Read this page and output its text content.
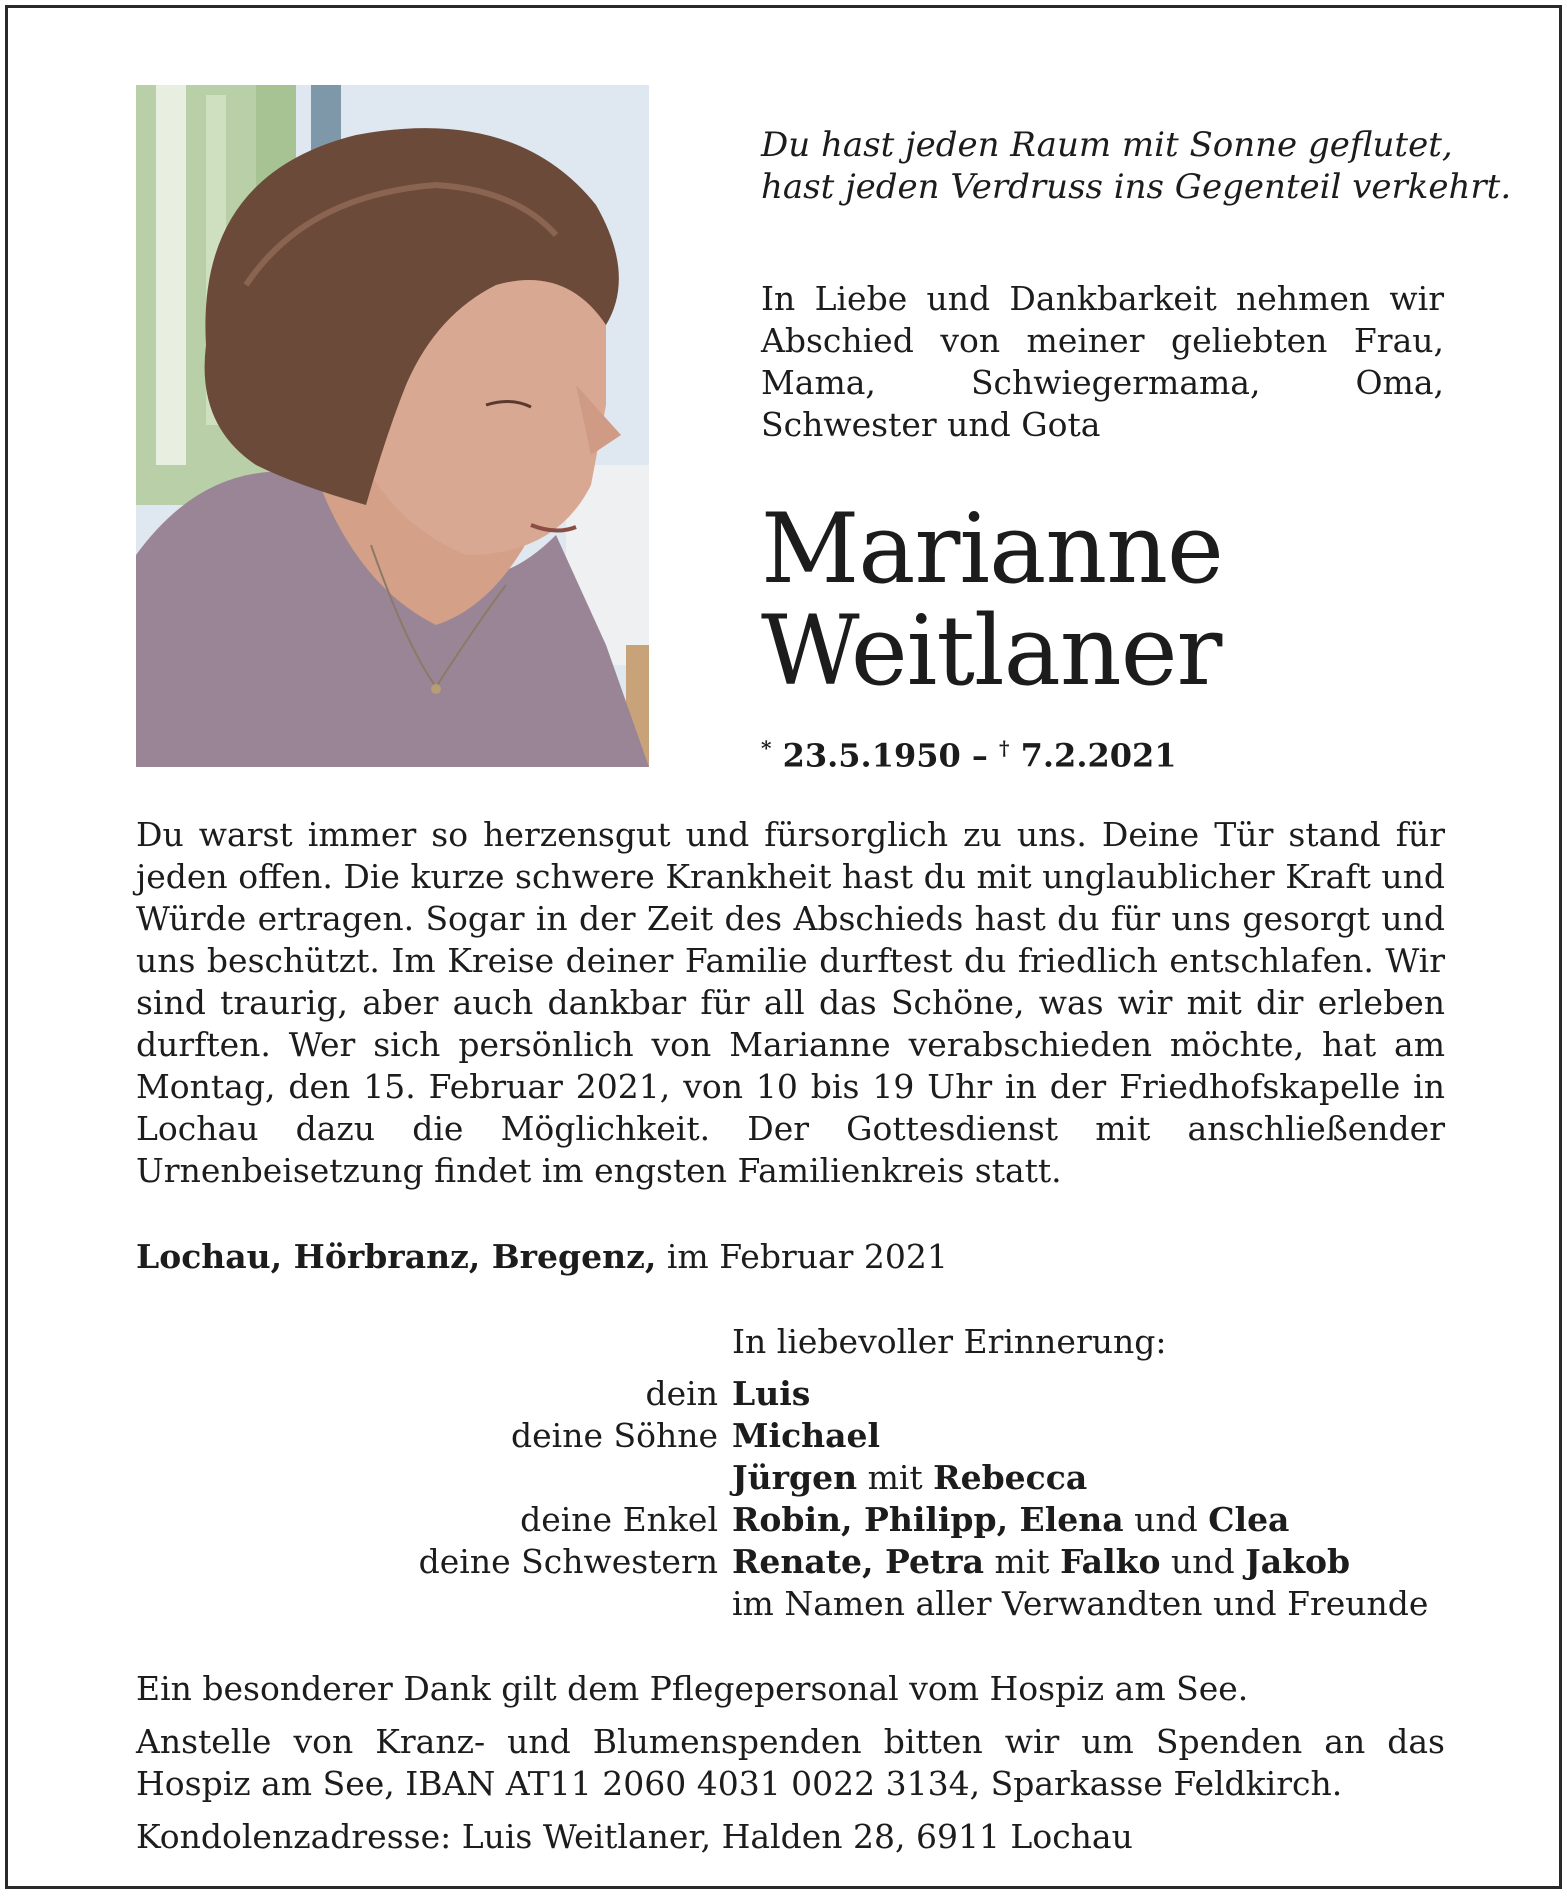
Du hast jeden Raum mit Sonne geflutet,
hast jeden Verdruss ins Gegenteil verkehrt.
In Liebe und Dankbarkeit nehmen wir Abschied von meiner geliebten Frau, Mama, Schwiegermama, Oma, Schwester und Gota
Marianne
Weitlaner
* 23.5.1950 – † 7.2.2021
Du warst immer so herzensgut und fürsorglich zu uns. Deine Tür stand für jeden offen. Die kurze schwere Krankheit hast du mit unglaublicher Kraft und Würde ertragen. Sogar in der Zeit des Abschieds hast du für uns gesorgt und uns beschützt. Im Kreise deiner Familie durftest du friedlich entschlafen. Wir sind traurig, aber auch dankbar für all das Schöne, was wir mit dir erleben durften. Wer sich persönlich von Marianne verabschieden möchte, hat am Montag, den 15. Februar 2021, von 10 bis 19 Uhr in der Friedhofskapelle in Lochau dazu die Möglichkeit. Der Gottesdienst mit anschließender Urnenbeisetzung findet im engsten Familienkreis statt.
Lochau, Hörbranz, Bregenz, im Februar 2021
In liebevoller Erinnerung:
dein Luis
deine Söhne Michael
Jürgen mit Rebecca
deine Enkel Robin, Philipp, Elena und Clea
deine Schwestern Renate, Petra mit Falko und Jakob
im Namen aller Verwandten und Freunde
Ein besonderer Dank gilt dem Pflegepersonal vom Hospiz am See.
Anstelle von Kranz- und Blumenspenden bitten wir um Spenden an das Hospiz am See, IBAN AT11 2060 4031 0022 3134, Sparkasse Feldkirch.
Kondolenzadresse: Luis Weitlaner, Halden 28, 6911 Lochau
